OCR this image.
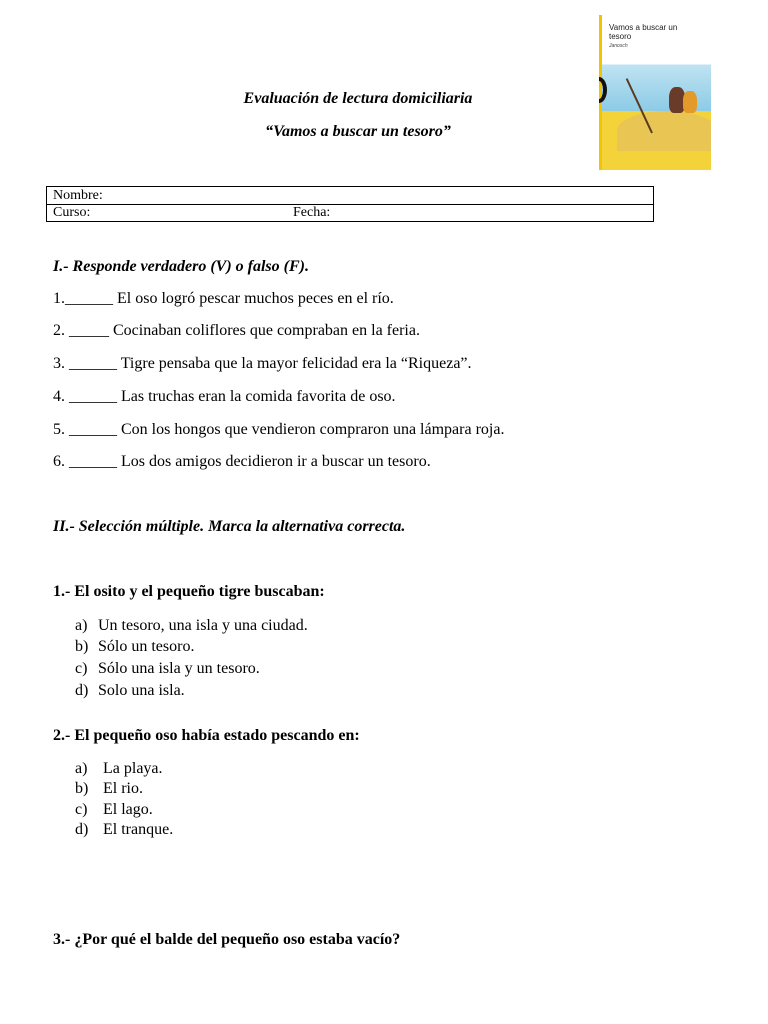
Vamos a buscar un tesoro
Janosch
Evaluación de lectura domiciliaria
“Vamos a buscar un tesoro”
Nombre:
Curso:	Fecha:
I.- Responde verdadero (V) o falso (F).
1.______ El oso logró pescar muchos peces en el río.
2. _____ Cocinaban coliflores que compraban en la feria.
3. ______ Tigre pensaba que la mayor felicidad era la “Riqueza”.
4. ______ Las truchas eran la comida favorita de oso.
5. ______ Con los hongos que vendieron compraron una lámpara roja.
6. ______ Los dos amigos decidieron ir a buscar un tesoro.
II.- Selección múltiple. Marca la alternativa correcta.
1.- El osito y el pequeño tigre buscaban:
a) Un tesoro, una isla y una ciudad.
b) Sólo un tesoro.
c) Sólo una isla y un tesoro.
d) Solo una isla.
2.- El pequeño oso había estado pescando en:
a) La playa.
b) El rio.
c) El lago.
d) El tranque.
3.- ¿Por qué el balde del pequeño oso estaba vacío?
